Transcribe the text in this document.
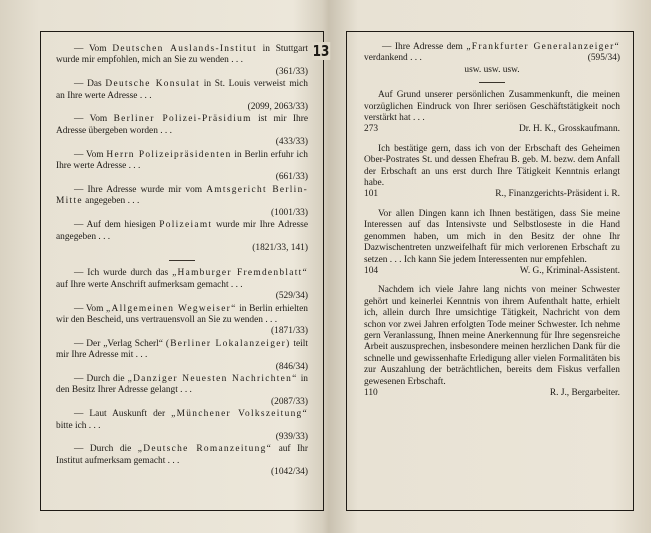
— Vom Deutschen Auslands-Institut in Stuttgart wurde mir empfohlen, mich an Sie zu wenden . . .
(361/33)
— Das Deutsche Konsulat in St. Louis verweist mich an Ihre werte Adresse . . .
(2099, 2063/33)
— Vom Berliner Polizei-Präsidium ist mir Ihre Adresse übergeben worden . . .
(433/33)
— Vom Herrn Polizeipräsidenten in Berlin erfuhr ich Ihre werte Adresse . . .
(661/33)
— Ihre Adresse wurde mir vom Amtsgericht Berlin-Mitte angegeben . . .
(1001/33)
— Auf dem hiesigen Polizeiamt wurde mir Ihre Adresse angegeben . . .
(1821/33, 141)
— Ich wurde durch das „Hamburger Fremdenblatt“ auf Ihre werte Anschrift aufmerksam gemacht . . .
(529/34)
— Vom „Allgemeinen Wegweiser“ in Berlin erhielten wir den Bescheid, uns vertrauensvoll an Sie zu wenden . . .
(1871/33)
— Der „Verlag Scherl“ (Berliner Lokalanzeiger) teilt mir Ihre Adresse mit . . .
(846/34)
— Durch die „Danziger Neuesten Nachrichten“ in den Besitz Ihrer Adresse gelangt . . .
(2087/33)
— Laut Auskunft der „Münchener Volkszeitung“ bitte ich . . .
(939/33)
— Durch die „Deutsche Romanzeitung“ auf Ihr Institut aufmerksam gemacht . . .
(1042/34)
— Ihre Adresse dem „Frankfurter Generalanzeiger“ verdankend . . .	(595/34)
usw. usw. usw.
Auf Grund unserer persönlichen Zusammenkunft, die meinen vorzüglichen Eindruck von Ihrer seriösen Geschäftstätigkeit noch verstärkt hat . . .
273	Dr. H. K., Grosskaufmann.
Ich bestätige gern, dass ich von der Erbschaft des Geheimen Ober-Postrates St. und dessen Ehefrau B. geb. M. bezw. dem Anfall der Erbschaft an uns erst durch Ihre Tätigkeit Kenntnis erlangt habe.
101	R., Finanzgerichts-Präsident i. R.
Vor allen Dingen kann ich Ihnen bestätigen, dass Sie meine Interessen auf das Intensivste und Selbstloseste in die Hand genommen haben, um mich in den Besitz der ohne Ihr Dazwischentreten unzweifelhaft für mich verlorenen Erbschaft zu setzen . . . Ich kann Sie jedem Interessenten nur empfehlen.
104	W. G., Kriminal-Assistent.
Nachdem ich viele Jahre lang nichts von meiner Schwester gehört und keinerlei Kenntnis von ihrem Aufenthalt hatte, erhielt ich, allein durch Ihre umsichtige Tätigkeit, Nachricht von dem schon vor zwei Jahren erfolgten Tode meiner Schwester. Ich nehme gern Veranlassung, Ihnen meine Anerkennung für Ihre segensreiche Arbeit auszusprechen, insbesondere meinen herzlichen Dank für die schnelle und gewissenhafte Erledigung aller vielen Formalitäten bis zur Auszahlung der beträchtlichen, bereits dem Fiskus verfallen gewesenen Erbschaft.
110	R. J., Bergarbeiter.
13
